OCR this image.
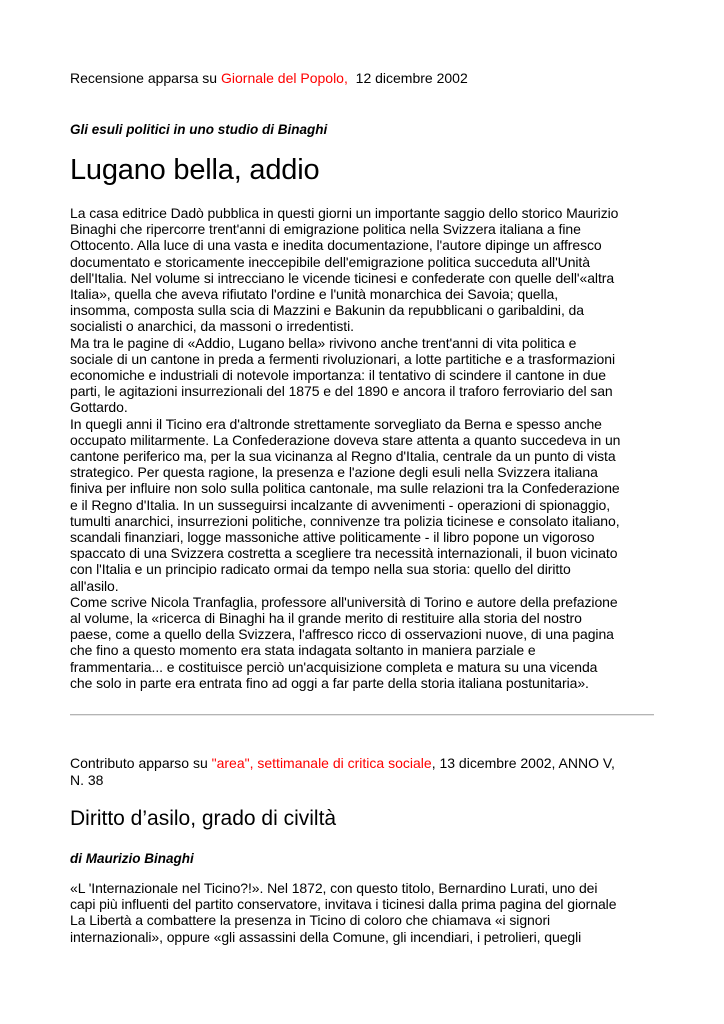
Recensione apparsa su Giornale del Popolo,  12 dicembre 2002
Gli esuli politici in uno studio di Binaghi
Lugano bella, addio
La casa editrice Dadò pubblica in questi giorni un importante saggio dello storico Maurizio
Binaghi che ripercorre trent'anni di emigrazione politica nella Svizzera italiana a fine
Ottocento. Alla luce di una vasta e inedita documentazione, l'autore dipinge un affresco
documentato e storicamente ineccepibile dell'emigrazione politica succeduta all'Unità
dell'Italia. Nel volume si intrecciano le vicende ticinesi e confederate con quelle dell'«altra
Italia», quella che aveva rifiutato l'ordine e l'unità monarchica dei Savoia; quella,
insomma, composta sulla scia di Mazzini e Bakunin da repubblicani o garibaldini, da
socialisti o anarchici, da massoni o irredentisti.
Ma tra le pagine di «Addio, Lugano bella» rivivono anche trent'anni di vita politica e
sociale di un cantone in preda a fermenti rivoluzionari, a lotte partitiche e a trasformazioni
economiche e industriali di notevole importanza: il tentativo di scindere il cantone in due
parti, le agitazioni insurrezionali del 1875 e del 1890 e ancora il traforo ferroviario del san
Gottardo.
In quegli anni il Ticino era d'altronde strettamente sorvegliato da Berna e spesso anche
occupato militarmente. La Confederazione doveva stare attenta a quanto succedeva in un
cantone periferico ma, per la sua vicinanza al Regno d'Italia, centrale da un punto di vista
strategico. Per questa ragione, la presenza e l'azione degli esuli nella Svizzera italiana
finiva per influire non solo sulla politica cantonale, ma sulle relazioni tra la Confederazione
e il Regno d'Italia. In un susseguirsi incalzante di avvenimenti - operazioni di spionaggio,
tumulti anarchici, insurrezioni politiche, connivenze tra polizia ticinese e consolato italiano,
scandali finanziari, logge massoniche attive politicamente - il libro popone un vigoroso
spaccato di una Svizzera costretta a scegliere tra necessità internazionali, il buon vicinato
con l'Italia e un principio radicato ormai da tempo nella sua storia: quello del diritto
all'asilo.
Come scrive Nicola Tranfaglia, professore all'università di Torino e autore della prefazione
al volume, la «ricerca di Binaghi ha il grande merito di restituire alla storia del nostro
paese, come a quello della Svizzera, l'affresco ricco di osservazioni nuove, di una pagina
che fino a questo momento era stata indagata soltanto in maniera parziale e
frammentaria... e costituisce perciò un'acquisizione completa e matura su una vicenda
che solo in parte era entrata fino ad oggi a far parte della storia italiana postunitaria».
Contributo apparso su "area", settimanale di critica sociale, 13 dicembre 2002, ANNO V,
N. 38
Diritto d’asilo, grado di civiltà
di Maurizio Binaghi
«L 'Internazionale nel Ticino?!». Nel 1872, con questo titolo, Bernardino Lurati, uno dei
capi più influenti del partito conservatore, invitava i ticinesi dalla prima pagina del giornale
La Libertà a combattere la presenza in Ticino di coloro che chiamava «i signori
internazionali», oppure «gli assassini della Comune, gli incendiari, i petrolieri, quegli
